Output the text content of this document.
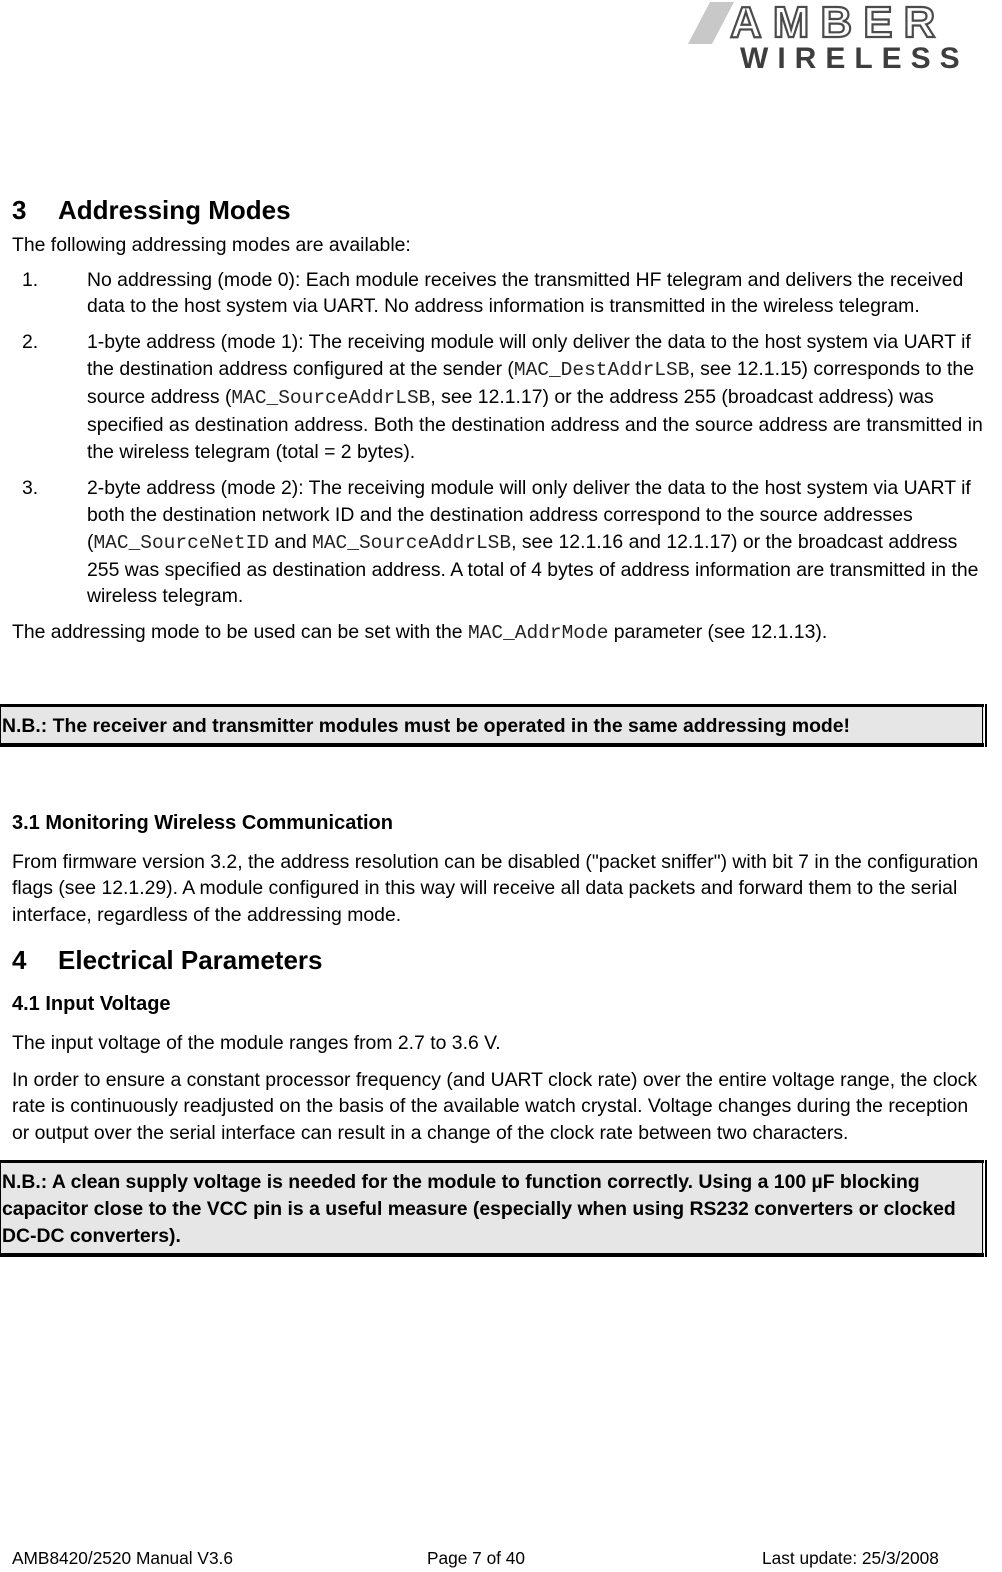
AMBER
WIRELESS
3	Addressing Modes

The following addressing modes are available:

1.	No addressing (mode 0): Each module receives the transmitted HF telegram and delivers the received data to the host system via UART. No address information is transmitted in the wireless telegram.
2.	1-byte address (mode 1): The receiving module will only deliver the data to the host system via UART if the destination address configured at the sender (MAC_DestAddrLSB, see 12.1.15) corresponds to the source address (MAC_SourceAddrLSB, see 12.1.17) or the address 255 (broadcast address) was specified as destination address. Both the destination address and the source address are transmitted in the wireless telegram (total = 2 bytes).
3.	2-byte address (mode 2): The receiving module will only deliver the data to the host system via UART if both the destination network ID and the destination address correspond to the source addresses (MAC_SourceNetID and MAC_SourceAddrLSB, see 12.1.16 and 12.1.17) or the broadcast address 255 was specified as destination address. A total of 4 bytes of address information are transmitted in the wireless telegram.

The addressing mode to be used can be set with the MAC_AddrMode parameter (see 12.1.13).

N.B.: The receiver and transmitter modules must be operated in the same addressing mode!
3.1 Monitoring Wireless Communication

From firmware version 3.2, the address resolution can be disabled ("packet sniffer") with bit 7 in the configuration flags (see 12.1.29). A module configured in this way will receive all data packets and forward them to the serial interface, regardless of the addressing mode.

4	Electrical Parameters
4.1 Input Voltage

The input voltage of the module ranges from 2.7 to 3.6 V.

In order to ensure a constant processor frequency (and UART clock rate) over the entire voltage range, the clock rate is continuously readjusted on the basis of the available watch crystal. Voltage changes during the reception or output over the serial interface can result in a change of the clock rate between two characters.

N.B.: A clean supply voltage is needed for the module to function correctly. Using a 100 µF blocking capacitor close to the VCC pin is a useful measure (especially when using RS232 converters or clocked DC-DC converters).
AMB8420/2520 Manual V3.6	Page 7 of 40	Last update: 25/3/2008
